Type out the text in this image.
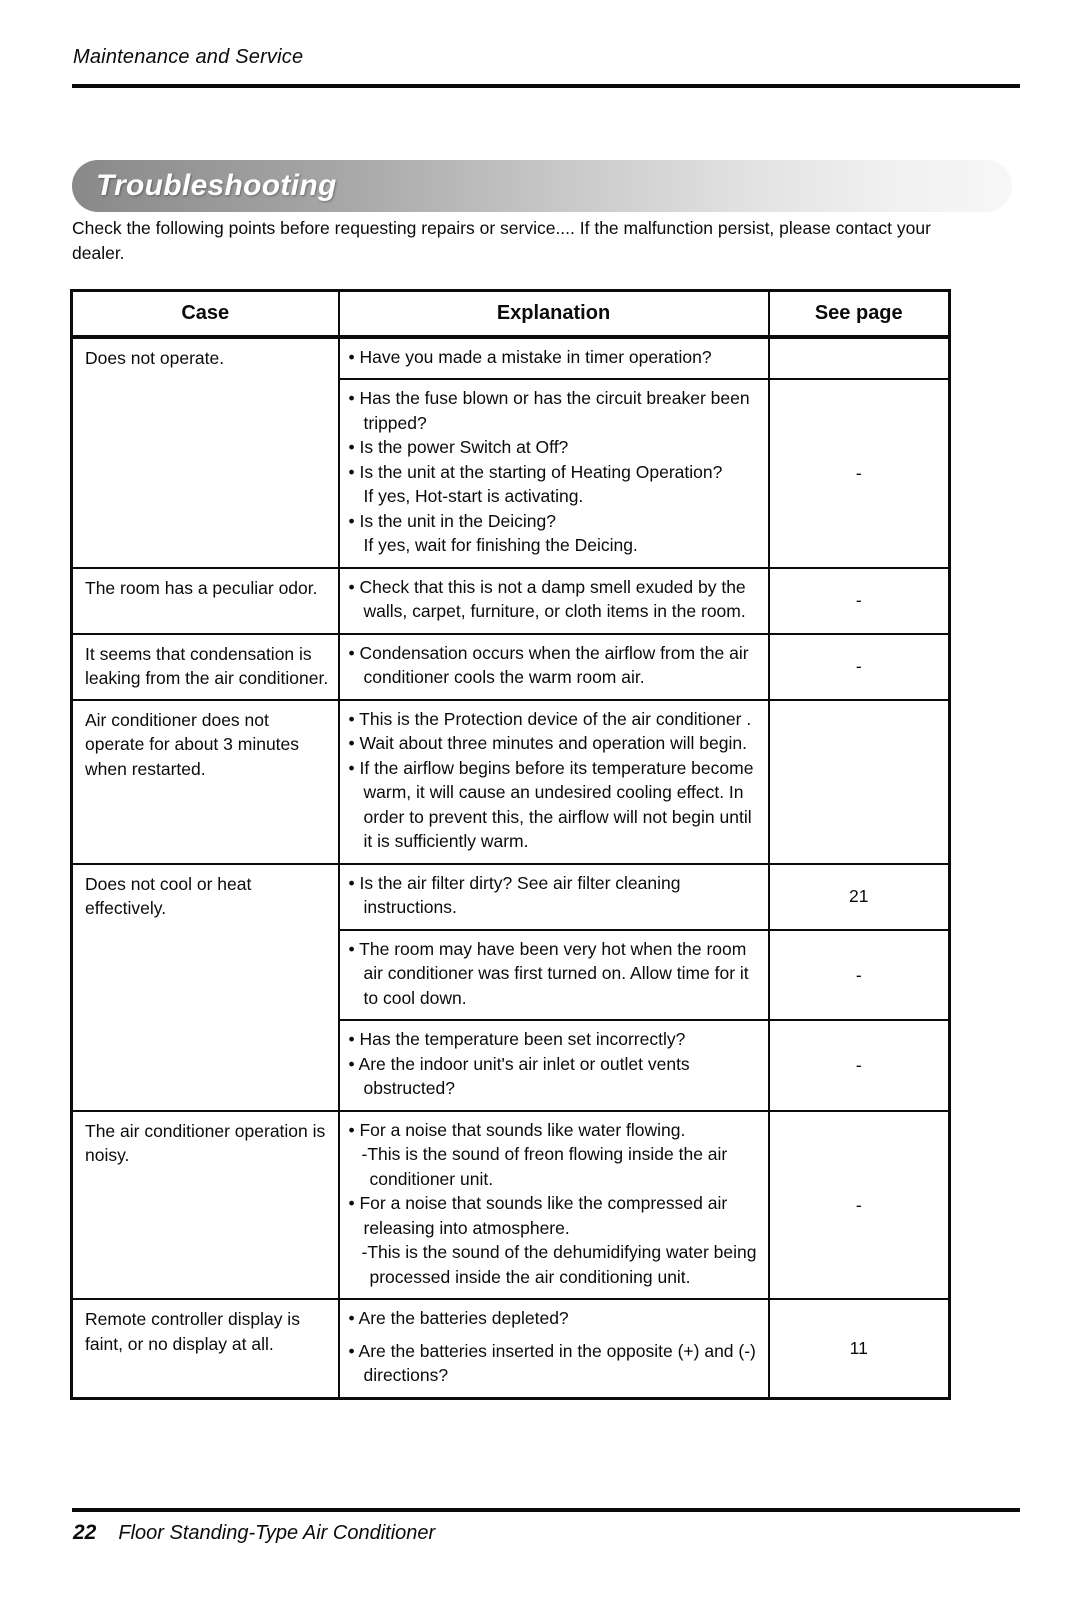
Maintenance and Service
Troubleshooting
Check the following points before requesting repairs or service.... If the malfunction persist, please contact your dealer.
Case	Explanation	See page
Does not operate.	• Have you made a mistake in timer operation?	

• Has the fuse blown or has the circuit breaker been tripped?
• Is the power Switch at Off?
• Is the unit at the starting of Heating Operation?
If yes, Hot-start is activating.
• Is the unit in the Deicing?
If yes, wait for finishing the Deicing.
	-
The room has a peculiar odor.	• Check that this is not a damp smell exuded by the walls, carpet, furniture, or cloth items in the room.	-
It seems that condensation is leaking from the air conditioner.	• Condensation occurs when the airflow from the air conditioner cools the warm room air.	-
Air conditioner does not operate for about 3 minutes when restarted.	• This is the Protection device of the air conditioner .
• Wait about three minutes and operation will begin.
• If the airflow begins before its temperature become warm, it will cause an undesired cooling effect. In order to prevent this, the airflow will not begin until it is sufficiently warm.	

Does not cool or heat effectively.	• Is the air filter dirty? See air filter cleaning instructions.	21

	• The room may have been very hot when the room air conditioner was first turned on. Allow time for it to cool down.	-

	• Has the temperature been set incorrectly?
• Are the indoor unit's air inlet or outlet vents obstructed?	-
The air conditioner operation is noisy.	• For a noise that sounds like water flowing.
-This is the sound of freon flowing inside the air conditioner unit.
• For a noise that sounds like the compressed air releasing into atmosphere.
-This is the sound of the dehumidifying water being processed inside the air conditioning unit.	-
Remote controller display is faint, or no display at all.	• Are the batteries depleted?
• Are the batteries inserted in the opposite (+) and (-) directions?	11
22 Floor Standing-Type Air Conditioner
